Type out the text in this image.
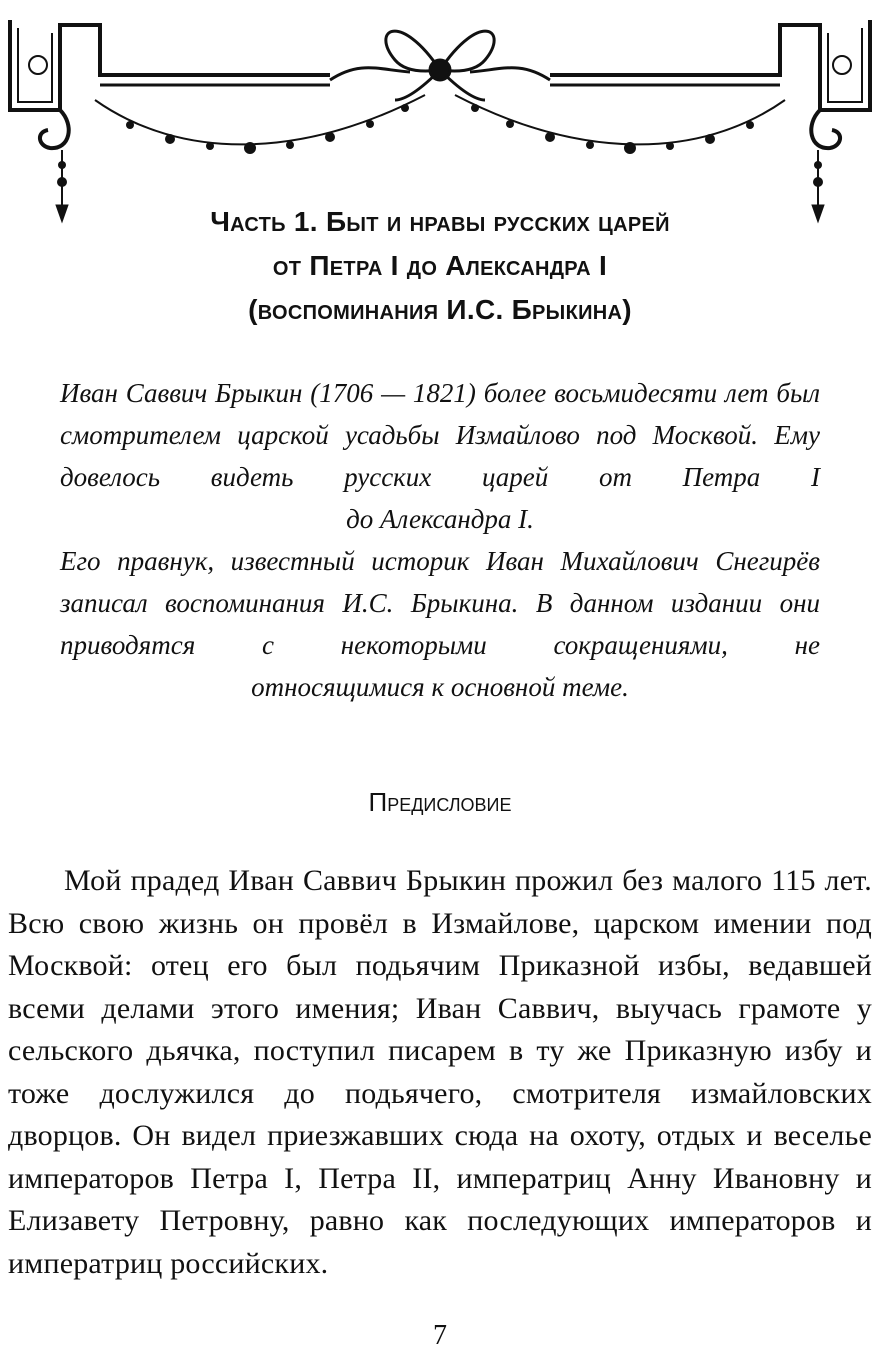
Часть 1. Быт и нравы русских царей
от Петра I до Александра I
(воспоминания И.С. Брыкина)

Иван Саввич Брыкин (1706 — 1821) более восьмидесяти лет был смотрителем царской усадьбы Измайлово под Москвой. Ему довелось видеть русских царей от Петра I

до Александра I.

Его правнук, известный историк Иван Михайлович Снегирёв записал воспоминания И.С. Брыкина. В данном издании они приводятся с некоторыми сокращениями, не

относящимися к основной теме.

Предисловие

Мой прадед Иван Саввич Брыкин прожил без малого 115 лет. Всю свою жизнь он провёл в Измайлове, царском имении под Москвой: отец его был подьячим Приказной избы, ведавшей всеми делами этого имения; Иван Саввич, выучась грамоте у сельского дьячка, поступил писарем в ту же Приказную избу и тоже дослужился до подьячего, смотрителя измайловских дворцов. Он видел приезжавших сюда на охоту, отдых и веселье императоров Петра I, Петра II, императриц Анну Ивановну и Елизавету Петровну, равно как последующих императоров и императриц российских.

7
